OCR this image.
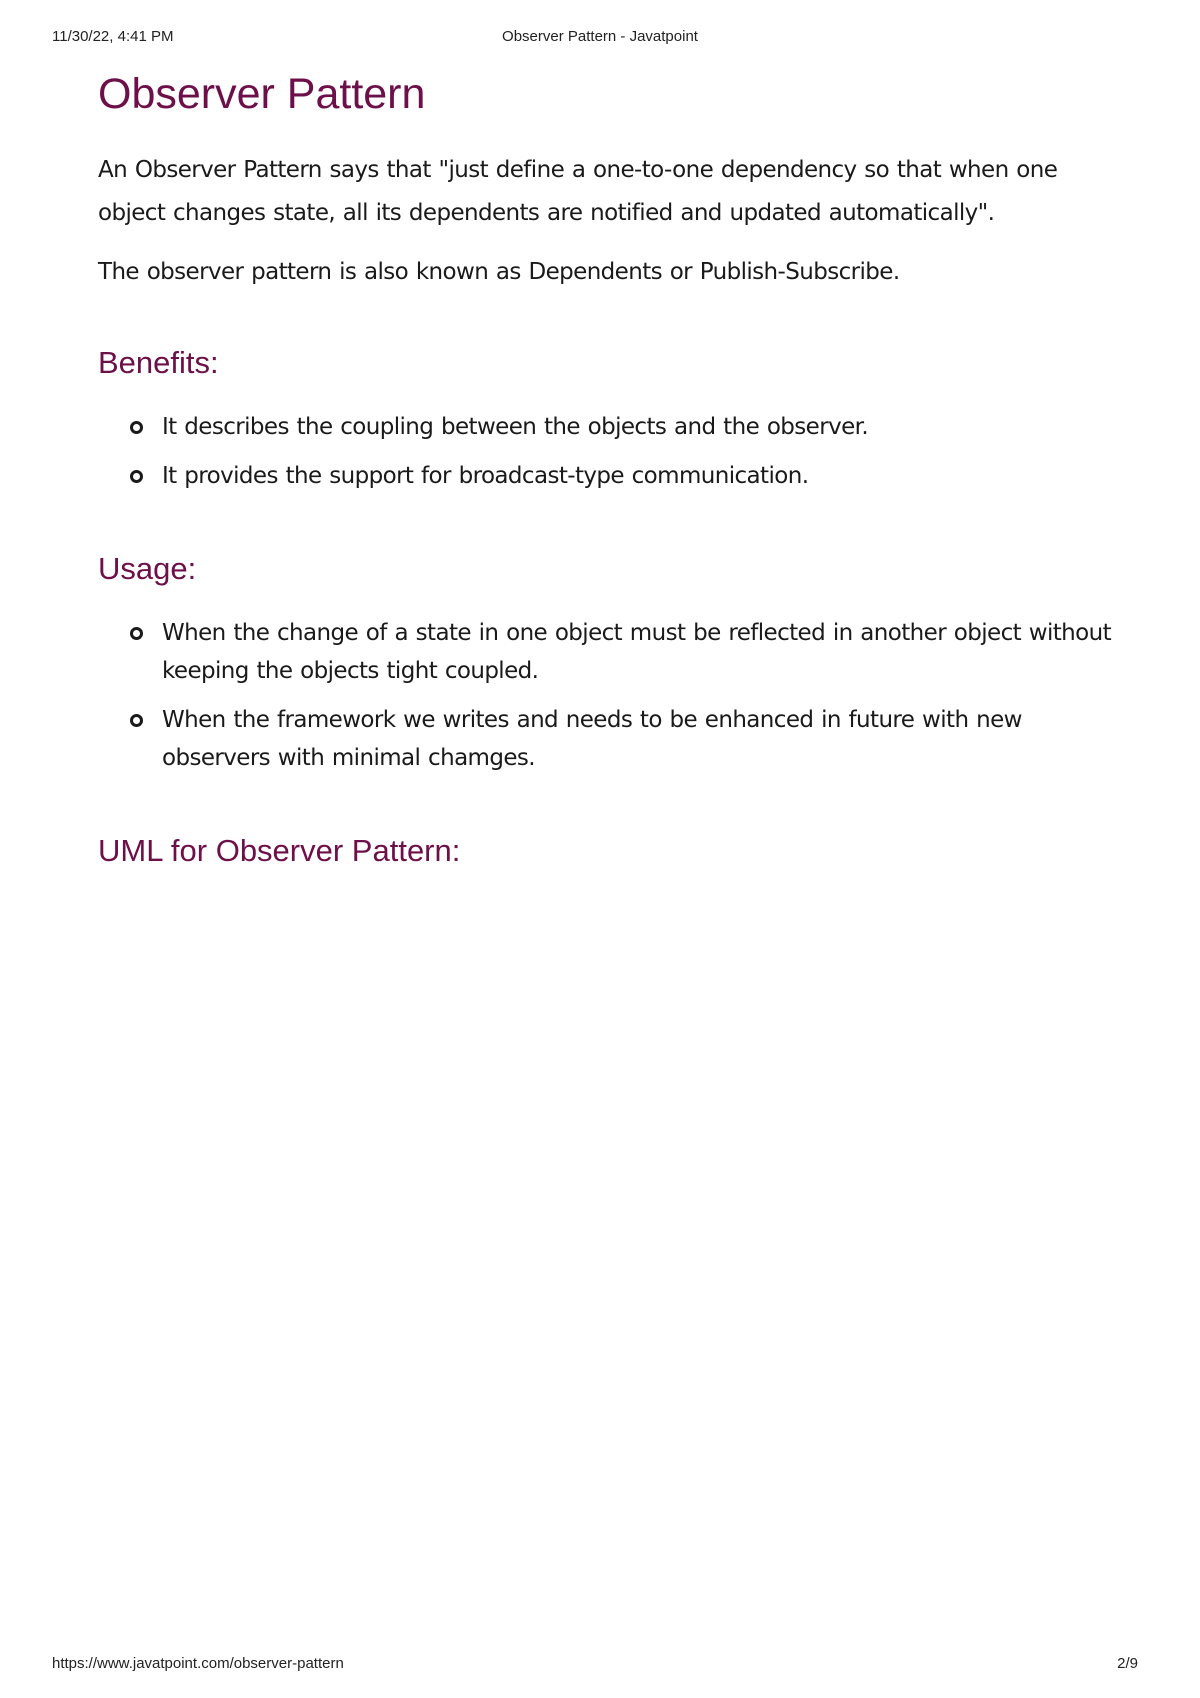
11/30/22, 4:41 PM	Observer Pattern - Javatpoint
Observer Pattern

An Observer Pattern says that "just define a one-to-one dependency so that when one object changes state, all its dependents are notified and updated automatically".

The observer pattern is also known as Dependents or Publish-Subscribe.

Benefits:
It describes the coupling between the objects and the observer.
It provides the support for broadcast-type communication.
Usage:
When the change of a state in one object must be reflected in another object without keeping the objects tight coupled.
When the framework we writes and needs to be enhanced in future with new observers with minimal chamges.
UML for Observer Pattern:
https://www.javatpoint.com/observer-pattern	2/9
